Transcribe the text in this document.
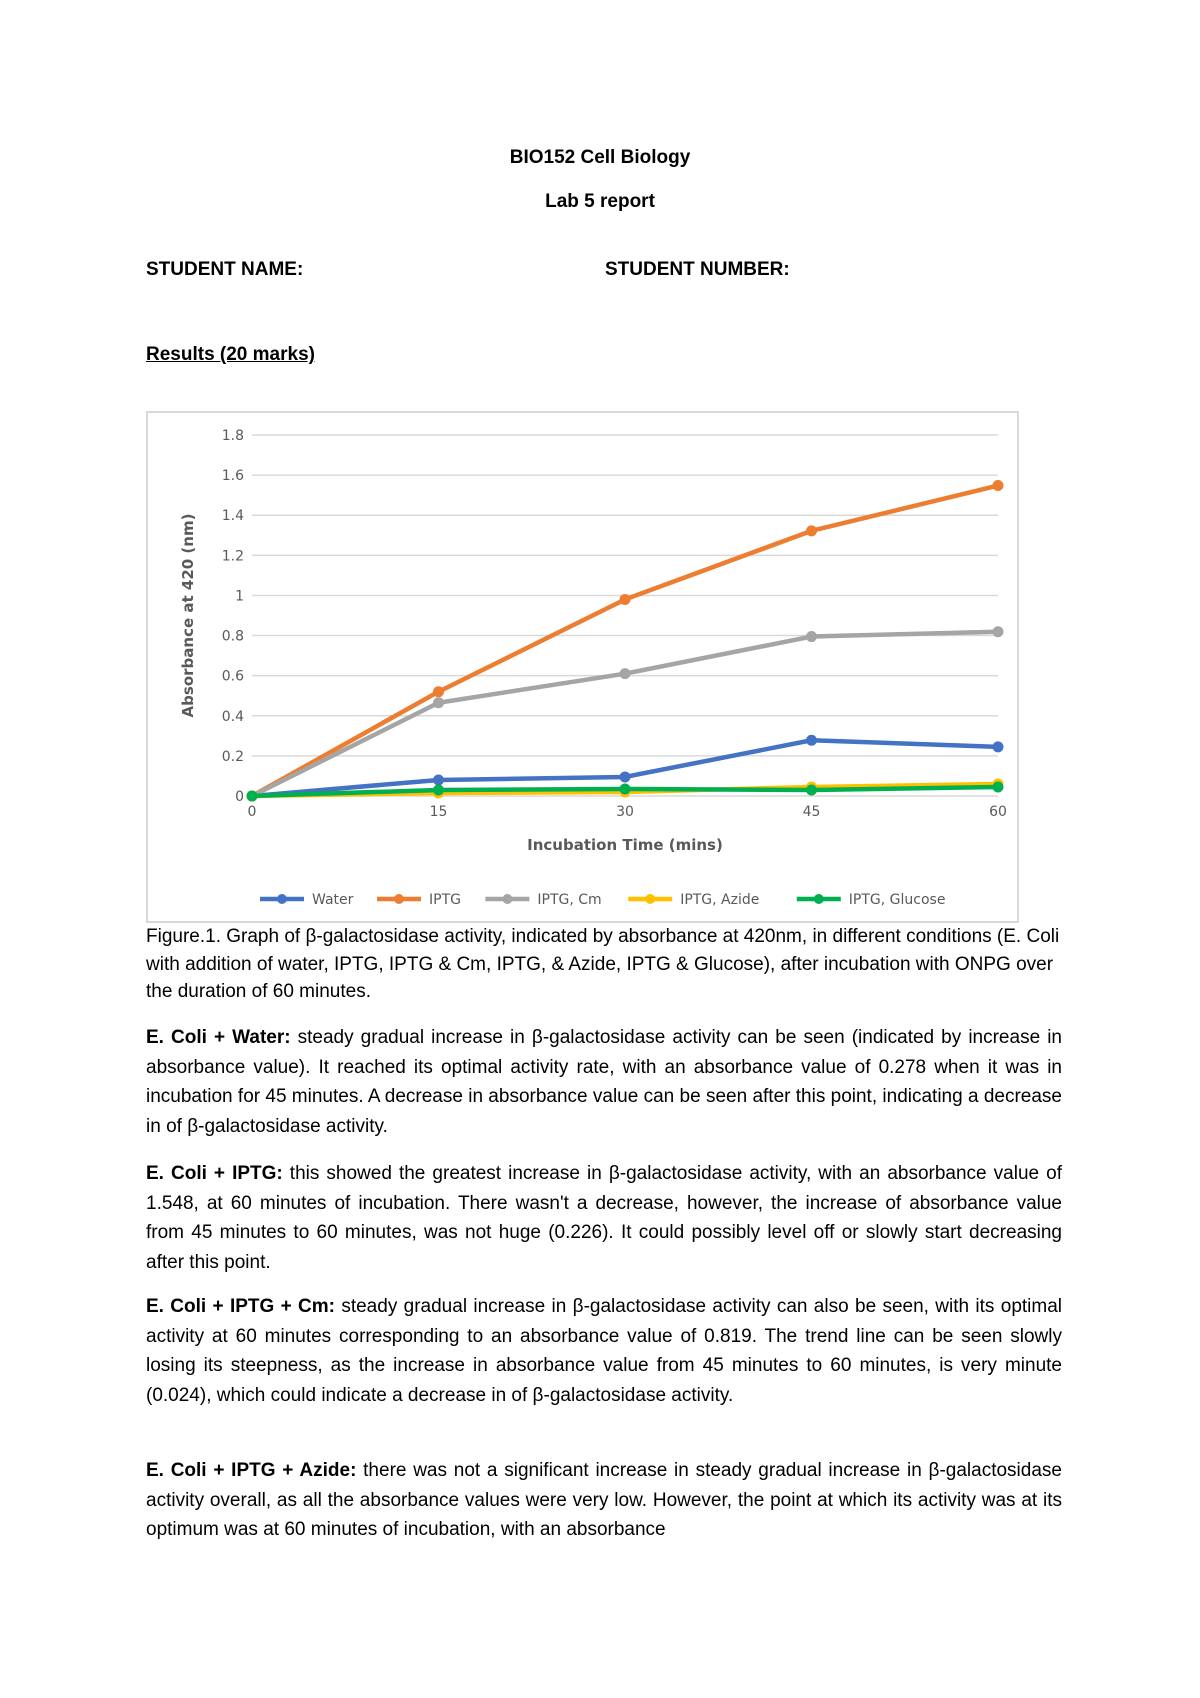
BIO152 Cell Biology
Lab 5 report
STUDENT NAME:	STUDENT NUMBER:
Results (20 marks)
0
0.2
0.4
0.6
0.8
1
1.2
1.4
1.6
1.8
0	15	30	45	60
Incubation Time (mins)
Absorbance at 420 (nm)
Water	IPTG	IPTG, Cm	IPTG, Azide	IPTG, Glucose
Figure.1. Graph of β-galactosidase activity, indicated by absorbance at 420nm, in different conditions (E. Coli with addition of water, IPTG, IPTG & Cm, IPTG, & Azide, IPTG & Glucose), after incubation with ONPG over the duration of 60 minutes.
E. Coli + Water: steady gradual increase in β-galactosidase activity can be seen (indicated by increase in absorbance value). It reached its optimal activity rate, with an absorbance value of 0.278 when it was in incubation for 45 minutes. A decrease in absorbance value can be seen after this point, indicating a decrease in of β-galactosidase activity.
E. Coli + IPTG: this showed the greatest increase in β-galactosidase activity, with an absorbance value of 1.548, at 60 minutes of incubation. There wasn't a decrease, however, the increase of absorbance value from 45 minutes to 60 minutes, was not huge (0.226). It could possibly level off or slowly start decreasing after this point.
E. Coli + IPTG + Cm: steady gradual increase in β-galactosidase activity can also be seen, with its optimal activity at 60 minutes corresponding to an absorbance value of 0.819. The trend line can be seen slowly losing its steepness, as the increase in absorbance value from 45 minutes to 60 minutes, is very minute (0.024), which could indicate a decrease in of β-galactosidase activity.
E. Coli + IPTG + Azide: there was not a significant increase in steady gradual increase in β-galactosidase activity overall, as all the absorbance values were very low. However, the point at which its activity was at its optimum was at 60 minutes of incubation, with an absorbance
